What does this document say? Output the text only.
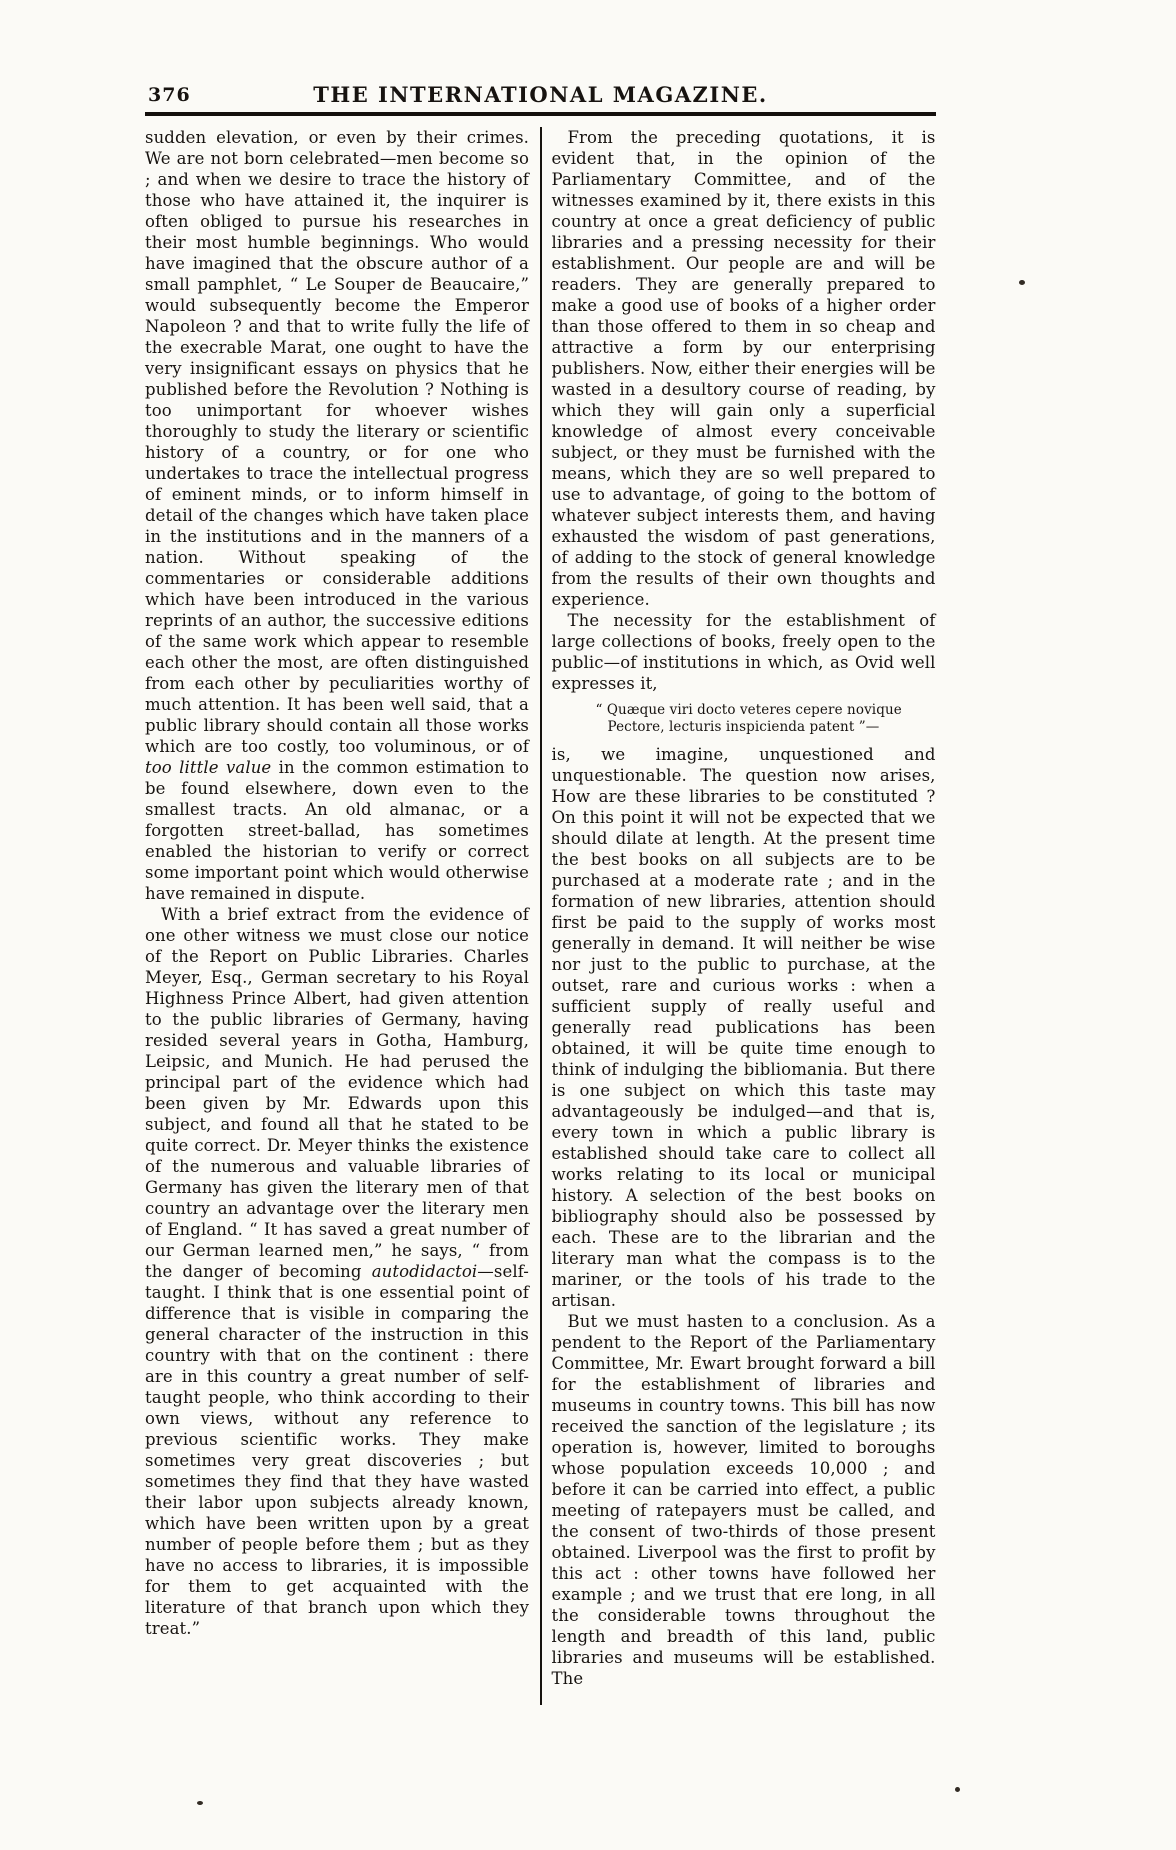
376	THE INTERNATIONAL MAGAZINE.

sudden elevation, or even by their crimes. We are not born celebrated—men become so ; and when we desire to trace the history of those who have attained it, the inquirer is often obliged to pursue his researches in their most humble beginnings. Who would have imagined that the obscure author of a small pamphlet, “ Le Souper de Beaucaire,” would subsequently become the Emperor Napoleon ? and that to write fully the life of the execrable Marat, one ought to have the very insignificant essays on physics that he published before the Revolution ? Nothing is too unimportant for whoever wishes thoroughly to study the literary or scientific history of a country, or for one who undertakes to trace the intellectual progress of eminent minds, or to inform himself in detail of the changes which have taken place in the institutions and in the manners of a nation. Without speaking of the commentaries or considerable additions which have been introduced in the various reprints of an author, the successive editions of the same work which appear to resemble each other the most, are often distinguished from each other by peculiarities worthy of much attention. It has been well said, that a public library should contain all those works which are too costly, too voluminous, or of too little value in the common estimation to be found elsewhere, down even to the smallest tracts. An old almanac, or a forgotten street-ballad, has sometimes enabled the historian to verify or correct some important point which would otherwise have remained in dispute.

With a brief extract from the evidence of one other witness we must close our notice of the Report on Public Libraries. Charles Meyer, Esq., German secretary to his Royal Highness Prince Albert, had given attention to the public libraries of Germany, having resided several years in Gotha, Hamburg, Leipsic, and Munich. He had perused the principal part of the evidence which had been given by Mr. Edwards upon this subject, and found all that he stated to be quite correct. Dr. Meyer thinks the existence of the numerous and valuable libraries of Germany has given the literary men of that country an advantage over the literary men of England. “ It has saved a great number of our German learned men,” he says, “ from the danger of becoming autodidactoi—self-taught. I think that is one essential point of difference that is visible in comparing the general character of the instruction in this country with that on the continent : there are in this country a great number of self-taught people, who think according to their own views, without any reference to previous scientific works. They make sometimes very great discoveries ; but sometimes they find that they have wasted their labor upon subjects already known, which have been written upon by a great number of people before them ; but as they have no access to libraries, it is impossible for them to get acquainted with the literature of that branch upon which they treat.”

From the preceding quotations, it is evident that, in the opinion of the Parliamentary Committee, and of the witnesses examined by it, there exists in this country at once a great deficiency of public libraries and a pressing necessity for their establishment. Our people are and will be readers. They are generally prepared to make a good use of books of a higher order than those offered to them in so cheap and attractive a form by our enterprising publishers. Now, either their energies will be wasted in a desultory course of reading, by which they will gain only a superficial knowledge of almost every conceivable subject, or they must be furnished with the means, which they are so well prepared to use to advantage, of going to the bottom of whatever subject interests them, and having exhausted the wisdom of past generations, of adding to the stock of general knowledge from the results of their own thoughts and experience.

The necessity for the establishment of large collections of books, freely open to the public—of institutions in which, as Ovid well expresses it,

“ Quæque viri docto veteres cepere novique
Pectore, lecturis inspicienda patent ”—

is, we imagine, unquestioned and unquestionable. The question now arises, How are these libraries to be constituted ? On this point it will not be expected that we should dilate at length. At the present time the best books on all subjects are to be purchased at a moderate rate ; and in the formation of new libraries, attention should first be paid to the supply of works most generally in demand. It will neither be wise nor just to the public to purchase, at the outset, rare and curious works : when a sufficient supply of really useful and generally read publications has been obtained, it will be quite time enough to think of indulging the bibliomania. But there is one subject on which this taste may advantageously be indulged—and that is, every town in which a public library is established should take care to collect all works relating to its local or municipal history. A selection of the best books on bibliography should also be possessed by each. These are to the librarian and the literary man what the compass is to the mariner, or the tools of his trade to the artisan.

But we must hasten to a conclusion. As a pendent to the Report of the Parliamentary Committee, Mr. Ewart brought forward a bill for the establishment of libraries and museums in country towns. This bill has now received the sanction of the legislature ; its operation is, however, limited to boroughs whose population exceeds 10,000 ; and before it can be carried into effect, a public meeting of ratepayers must be called, and the consent of two-thirds of those present obtained. Liverpool was the first to profit by this act : other towns have followed her example ; and we trust that ere long, in all the considerable towns throughout the length and breadth of this land, public libraries and museums will be established. The
